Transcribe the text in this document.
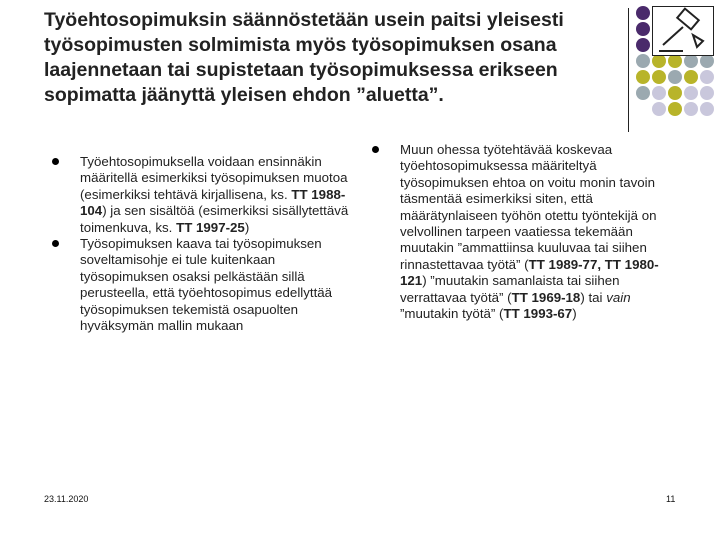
Työehtosopimuksin säännöstetään usein paitsi yleisesti työsopimusten solmimista myös työsopimuksen osana laajennetaan tai supistetaan työsopimuksessa erikseen sopimatta jäänyttä yleisen ehdon ”aluetta”.
Työehtosopimuksella voidaan ensinnäkin määritellä esimerkiksi työsopimuksen muotoa (esimerkiksi tehtävä kirjallisena, ks. TT 1988-104) ja sen sisältöä (esimerkiksi sisällytettävä toimenkuva, ks. TT 1997-25)
Työsopimuksen kaava tai työsopimuksen soveltamisohje ei tule kuitenkaan työsopimuksen osaksi pelkästään sillä perusteella, että työehtosopimus edellyttää työsopimuksen tekemistä osapuolten hyväksymän mallin mukaan
Muun ohessa työtehtävää koskevaa työehtosopimuksessa määriteltyä työsopimuksen ehtoa on voitu monin tavoin täsmentää esimerkiksi siten, että määrätynlaiseen työhön otettu työntekijä on velvollinen tarpeen vaatiessa tekemään muutakin ”ammattiinsa kuuluvaa tai siihen rinnastettavaa työtä” (TT 1989-77, TT 1980-121) ”muutakin samanlaista tai siihen verrattavaa työtä” (TT 1969-18) tai vain ”muutakin työtä” (TT 1993-67)
23.11.2020	11
